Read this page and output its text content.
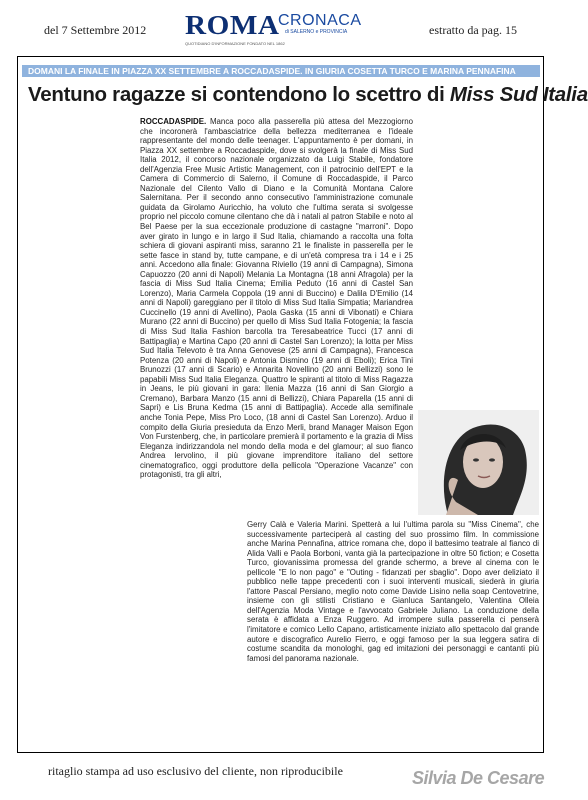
del 7 Settembre 2012 ROMA
CRONACA
di SALERNO e PROVINCIA
QUOTIDIANO D'INFORMAZIONE FONDATO NEL 1862
estratto da pag. 15
DOMANI LA FINALE IN PIAZZA XX SETTEMBRE A ROCCADASPIDE. IN GIURIA COSETTA TURCO E MARINA PENNAFINA
Ventuno ragazze si contendono lo scettro di Miss Sud Italia
ROCCADASPIDE. Manca poco alla passerella più attesa del Mezzogiorno che incoronerà l'ambasciatrice della bellezza mediterranea e l'ideale rappresentante del mondo delle teenager. L'appuntamento è per domani, in Piazza XX settembre a Roccadaspide, dove si svolgerà la finale di Miss Sud Italia 2012, il concorso nazionale organizzato da Luigi Stabile, fondatore dell'Agenzia Free Music Artistic Management, con il patrocinio dell'EPT e la Camera di Commercio di Salerno, il Comune di Roccadaspide, il Parco Nazionale del Cilento Vallo di Diano e la Comunità Montana Calore Salernitana. Per il secondo anno consecutivo l'amministrazione comunale guidata da Girolamo Auricchio, ha voluto che l'ultima serata si svolgesse proprio nel piccolo comune cilentano che dà i natali al patron Stabile e noto al Bel Paese per la sua eccezionale produzione di castagne "marroni". Dopo aver girato in lungo e in largo il Sud Italia, chiamando a raccolta una folta schiera di giovani aspiranti miss, saranno 21 le finaliste in passerella per le sette fasce in stand by, tutte campane, e di un'età compresa tra i 14 e i 25 anni. Accedono alla finale: Giovanna Riviello (19 anni di Campagna), Simona Capuozzo (20 anni di Napoli) Melania La Montagna (18 anni Afragola) per la fascia di Miss Sud Italia Cinema; Emilia Peduto (16 anni di Castel San Lorenzo), Maria Carmela Coppola (19 anni di Buccino) e Dalila D'Emilio (14 anni di Napoli) gareggiano per il titolo di Miss Sud Italia Simpatia; Mariandrea Cuccinello (19 anni di Avellino), Paola Gaska (15 anni di Vibonati) e Chiara Murano (22 anni di Buccino) per quello di Miss Sud Italia Fotogenia; la fascia di Miss Sud Italia Fashion barcolla tra Teresabeatrice Tucci (17 anni di Battipaglia) e Martina Capo (20 anni di Castel San Lorenzo); la lotta per Miss Sud Italia Televoto è tra Anna Genovese (25 anni di Campagna), Francesca Potenza (20 anni di Napoli) e Antonia Dismino (19 anni di Eboli); Erica Tini Brunozzi (17 anni di Scario) e Annarita Novellino (20 anni Bellizzi) sono le papabili Miss Sud Italia Eleganza. Quattro le spiranti al titolo di Miss Ragazza in Jeans, le più giovani in gara: Ilenia Mazza (16 anni di San Giorgio a Cremano), Barbara Manzo (15 anni di Bellizzi), Chiara Paparella (15 anni di Sapri) e Lis Bruna Kedma (15 anni di Battipaglia). Accede alla semifinale anche Tonia Pepe, Miss Pro Loco, (18 anni di Castel San Lorenzo). Arduo il compito della Giuria presieduta da Enzo Merli, brand Manager Maison Egon Von Furstenberg, che, in particolare premierà il portamento e la grazia di Miss Eleganza indirizzandola nel mondo della moda e del glamour; al suo fianco Andrea Iervolino, il più giovane imprenditore italiano del settore cinematografico, oggi produttore della pellicola "Operazione Vacanze" con protagonisti, tra gli altri,
Gerry Calà e Valeria Marini. Spetterà a lui l'ultima parola su "Miss Cinema", che successivamente parteciperà al casting del suo prossimo film. In commissione anche Marina Pennafina, attrice romana che, dopo il battesimo teatrale al fianco di Alida Valli e Paola Borboni, vanta già la partecipazione in oltre 50 fiction; e Cosetta Turco, giovanissima promessa del grande schermo, a breve al cinema con le pellicole "E lo non pago" e "Outing - fidanzati per sbaglio". Dopo aver deliziato il pubblico nelle tappe precedenti con i suoi interventi musicali, siederà in giuria l'attore Pascal Persiano, meglio noto come Davide Lisino nella soap Centovetrine, insieme con gli stilisti Cristiano e Gianluca Santangelo, Valentina Olleia dell'Agenzia Moda Vintage e l'avvocato Gabriele Juliano. La conduzione della serata è affidata a Enza Ruggero. Ad irrompere sulla passerella ci penserà l'imitatore e comico Lello Capano, artisticamente iniziato allo spettacolo dal grande autore e discografico Aurelio Fierro, e oggi famoso per la sua leggera satira di costume scandita da monologhi, gag ed imitazioni dei personaggi e cantanti più famosi del panorama nazionale.
ritaglio stampa ad uso esclusivo del cliente, non riproducibile	Silvia De Cesare
